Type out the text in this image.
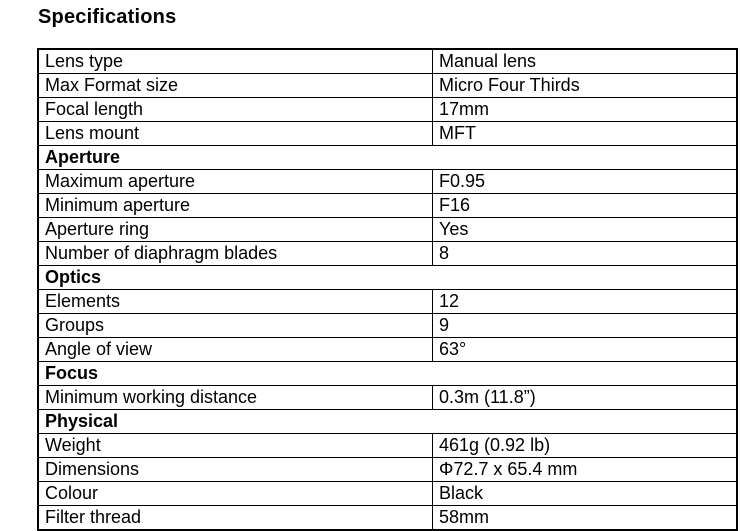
Specifications
Lens type	Manual lens
Max Format size	Micro Four Thirds
Focal length	17mm
Lens mount	MFT
Aperture	
Maximum aperture	F0.95
Minimum aperture	F16
Aperture ring	Yes
Number of diaphragm blades	8
Optics	
Elements	12
Groups	9
Angle of view	63°
Focus	
Minimum working distance	0.3m (11.8”)
Physical	
Weight	461g (0.92 lb)
Dimensions	Φ72.7 x 65.4 mm
Colour	Black
Filter thread	58mm
